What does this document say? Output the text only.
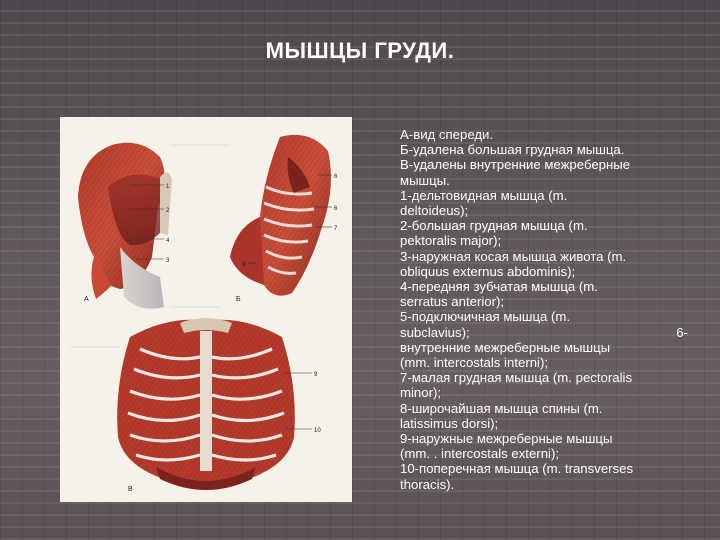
МЫШЦЫ ГРУДИ.
1
2
4
3
А
6
6
7
9
Б
9
10
В
А-вид спереди.
Б-удалена большая грудная мышца.
В-удалены внутренние межреберные
мышцы.
1-дельтовидная мышца (m.
deltoideus);
2-большая грудная мышца (m.
pektoralis major);
3-наружная косая мышца живота (m.
obliquus externus abdominis);
4-передняя зубчатая мышца (m.
serratus anterior);
5-подключичная мышца (m.
subclavius);	6-
внутренние межреберные мышцы
(mm. intercostals interni);
7-малая грудная мышца (m. pectoralis
minor);
8-широчайшая мышца спины (m.
latissimus dorsi);
9-наружные межреберные мышцы
(mm. . intercostals externi);
10-поперечная мышца (m. transverses
thoracis).
